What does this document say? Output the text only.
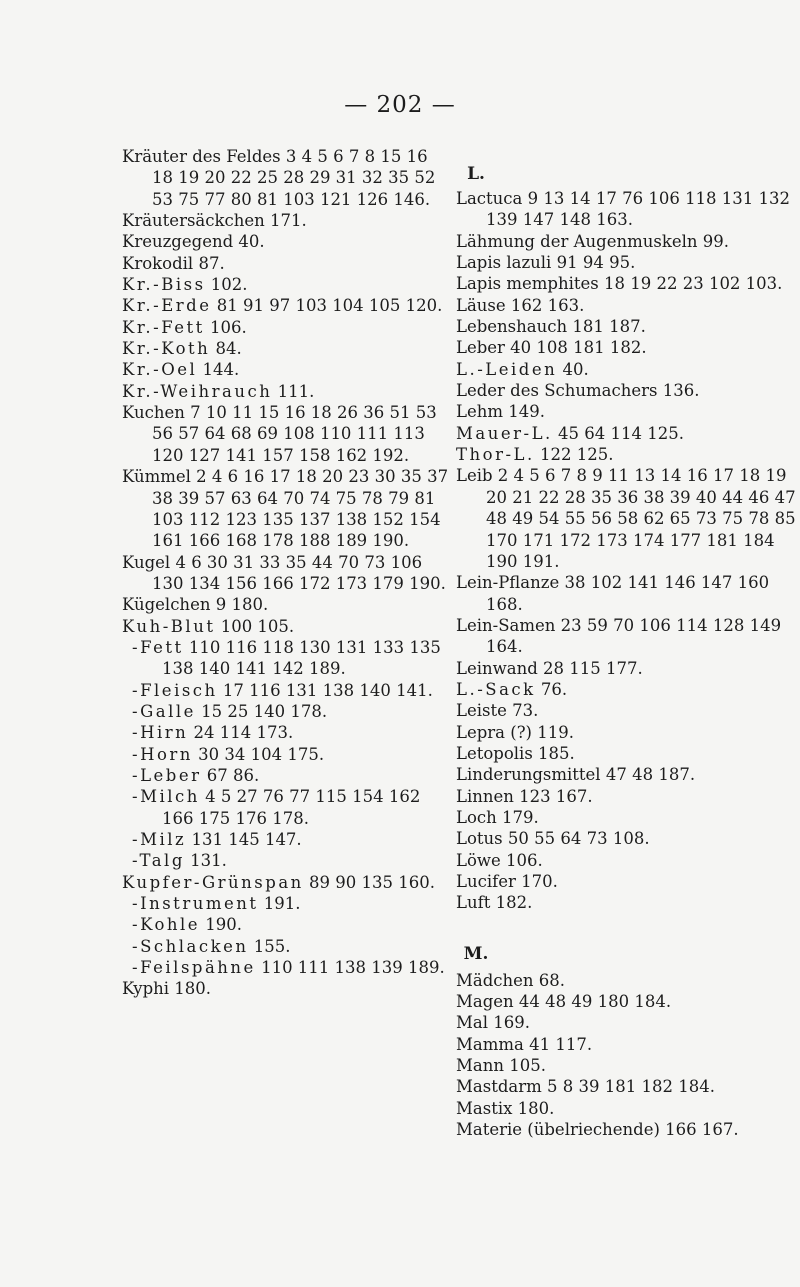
— 202 —
Kräuter des Feldes 3 4 5 6 7 8 15 16 18 19 20 22 25 28 29 31 32 35 52 53 75 77 80 81 103 121 126 146.
Kräutersäckchen 171.
Kreuzgegend 40.
Krokodil 87.
Kr.-Biss 102.
Kr.-Erde 81 91 97 103 104 105 120.
Kr.-Fett 106.
Kr.-Koth 84.
Kr.-Oel 144.
Kr.-Weihrauch 111.
Kuchen 7 10 11 15 16 18 26 36 51 53 56 57 64 68 69 108 110 111 113 120 127 141 157 158 162 192.
Kümmel 2 4 6 16 17 18 20 23 30 35 37 38 39 57 63 64 70 74 75 78 79 81 103 112 123 135 137 138 152 154 161 166 168 178 188 189 190.
Kugel 4 6 30 31 33 35 44 70 73 106 130 134 156 166 172 173 179 190.
Kügelchen 9 180.
Kuh-Blut 100 105.
-Fett 110 116 118 130 131 133 135 138 140 141 142 189.
-Fleisch 17 116 131 138 140 141.
-Galle 15 25 140 178.
-Hirn 24 114 173.
-Horn 30 34 104 175.
-Leber 67 86.
-Milch 4 5 27 76 77 115 154 162 166 175 176 178.
-Milz 131 145 147.
-Talg 131.
Kupfer-Grünspan 89 90 135 160.
-Instrument 191.
-Kohle 190.
-Schlacken 155.
-Feilspähne 110 111 138 139 189.
Kyphi 180.
L.
Lactuca 9 13 14 17 76 106 118 131 132 139 147 148 163.
Lähmung der Augenmuskeln 99.
Lapis lazuli 91 94 95.
Lapis memphites 18 19 22 23 102 103.
Läuse 162 163.
Lebenshauch 181 187.
Leber 40 108 181 182.
L.-Leiden 40.
Leder des Schumachers 136.
Lehm 149.
Mauer-L. 45 64 114 125.
Thor-L. 122 125.
Leib 2 4 5 6 7 8 9 11 13 14 16 17 18 19 20 21 22 28 35 36 38 39 40 44 46 47 48 49 54 55 56 58 62 65 73 75 78 85 170 171 172 173 174 177 181 184 190 191.
Lein-Pflanze 38 102 141 146 147 160 168.
Lein-Samen 23 59 70 106 114 128 149 164.
Leinwand 28 115 177.
L.-Sack 76.
Leiste 73.
Lepra (?) 119.
Letopolis 185.
Linderungsmittel 47 48 187.
Linnen 123 167.
Loch 179.
Lotus 50 55 64 73 108.
Löwe 106.
Lucifer 170.
Luft 182.
M.
Mädchen 68.
Magen 44 48 49 180 184.
Mal 169.
Mamma 41 117.
Mann 105.
Mastdarm 5 8 39 181 182 184.
Mastix 180.
Materie (übelriechende) 166 167.
